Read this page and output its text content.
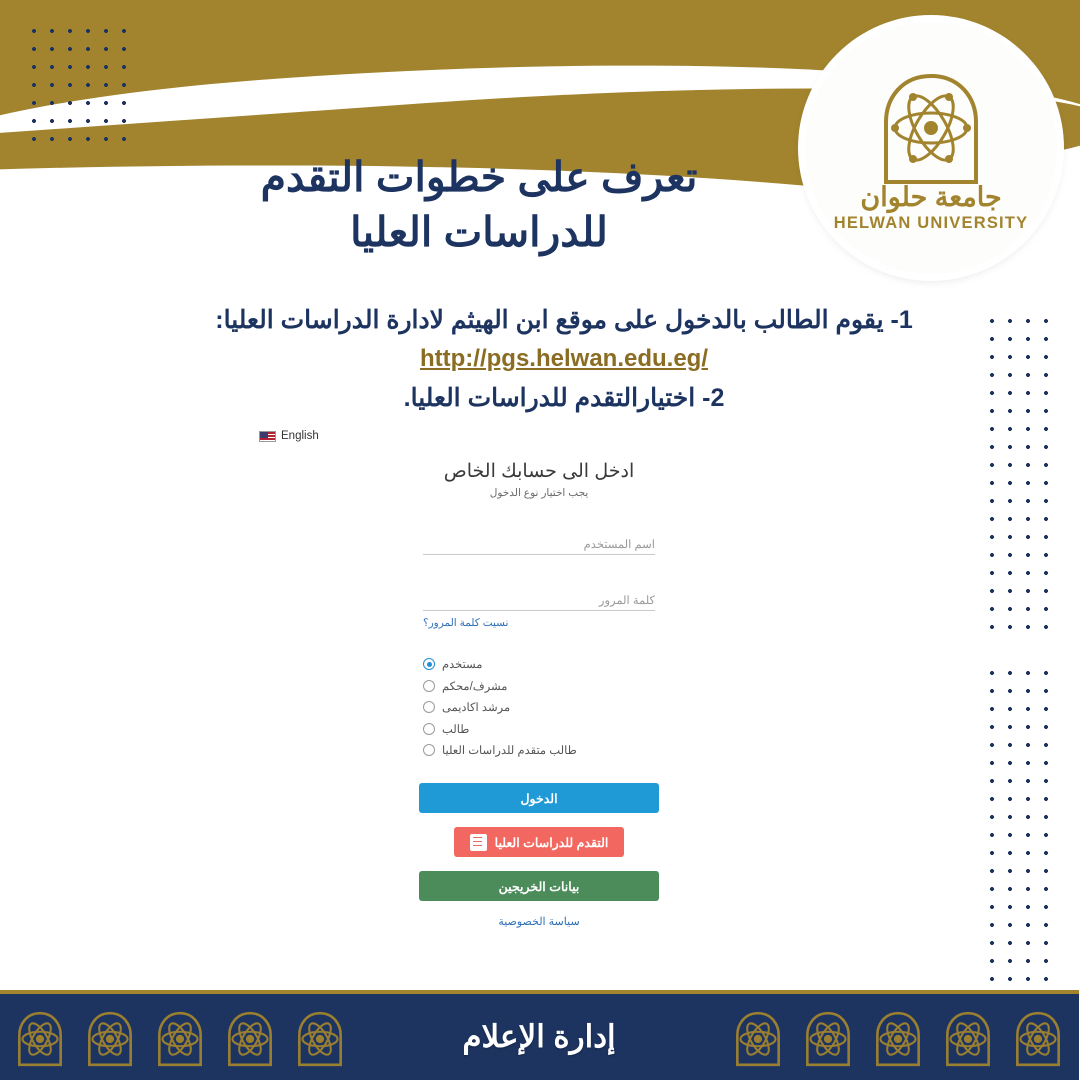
جامعة حلوان
HELWAN UNIVERSITY
تعرف على خطوات التقدم
للدراسات العليا
1- يقوم الطالب بالدخول على موقع ابن الهيثم لادارة الدراسات العليا:
http://pgs.helwan.edu.eg/
2- اختيارالتقدم للدراسات العليا.
English
ادخل الى حسابك الخاص
يجب اختيار نوع الدخول
اسم المستخدم
كلمة المرور
نسيت كلمة المرور؟
مستخدم
مشرف/محكم
مرشد اكاديمى
طالب
طالب متقدم للدراسات العليا
الدخول
التقدم للدراسات العليا
بيانات الخريجين
سياسة الخصوصية
إدارة الإعلام
